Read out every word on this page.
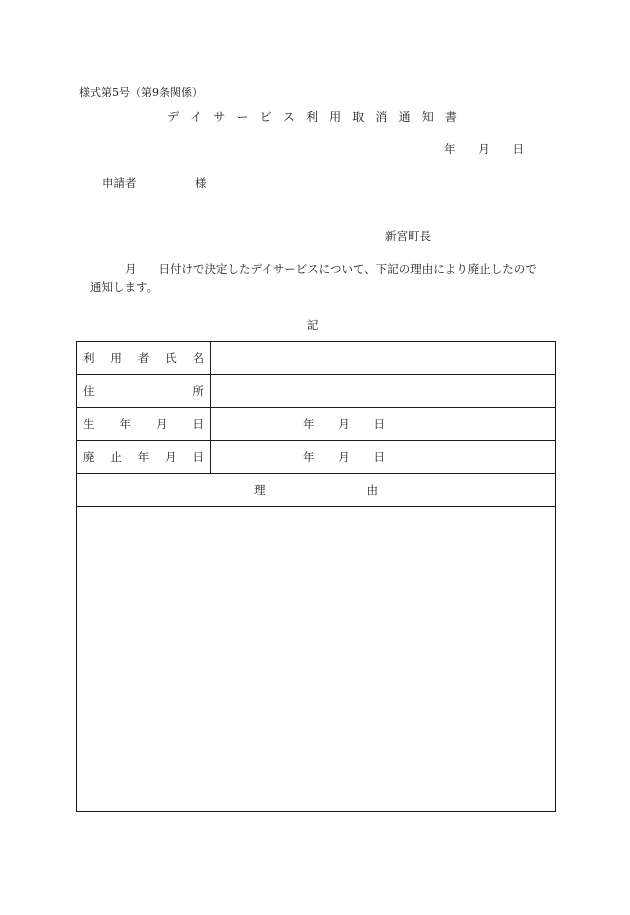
様式第5号（第9条関係）
デ イ サ ー ビ ス 利 用 取 消 通 知 書
年 月 日
申請者	様
新宮町長
月 日付けで決定したデイサービスについて、下記の理由により廃止したので
通知します。
記
利 用 者 氏 名	

住 所	

生 年 月 日	年 月 日

廃 止 年 月 日	年 月 日

理 由	
